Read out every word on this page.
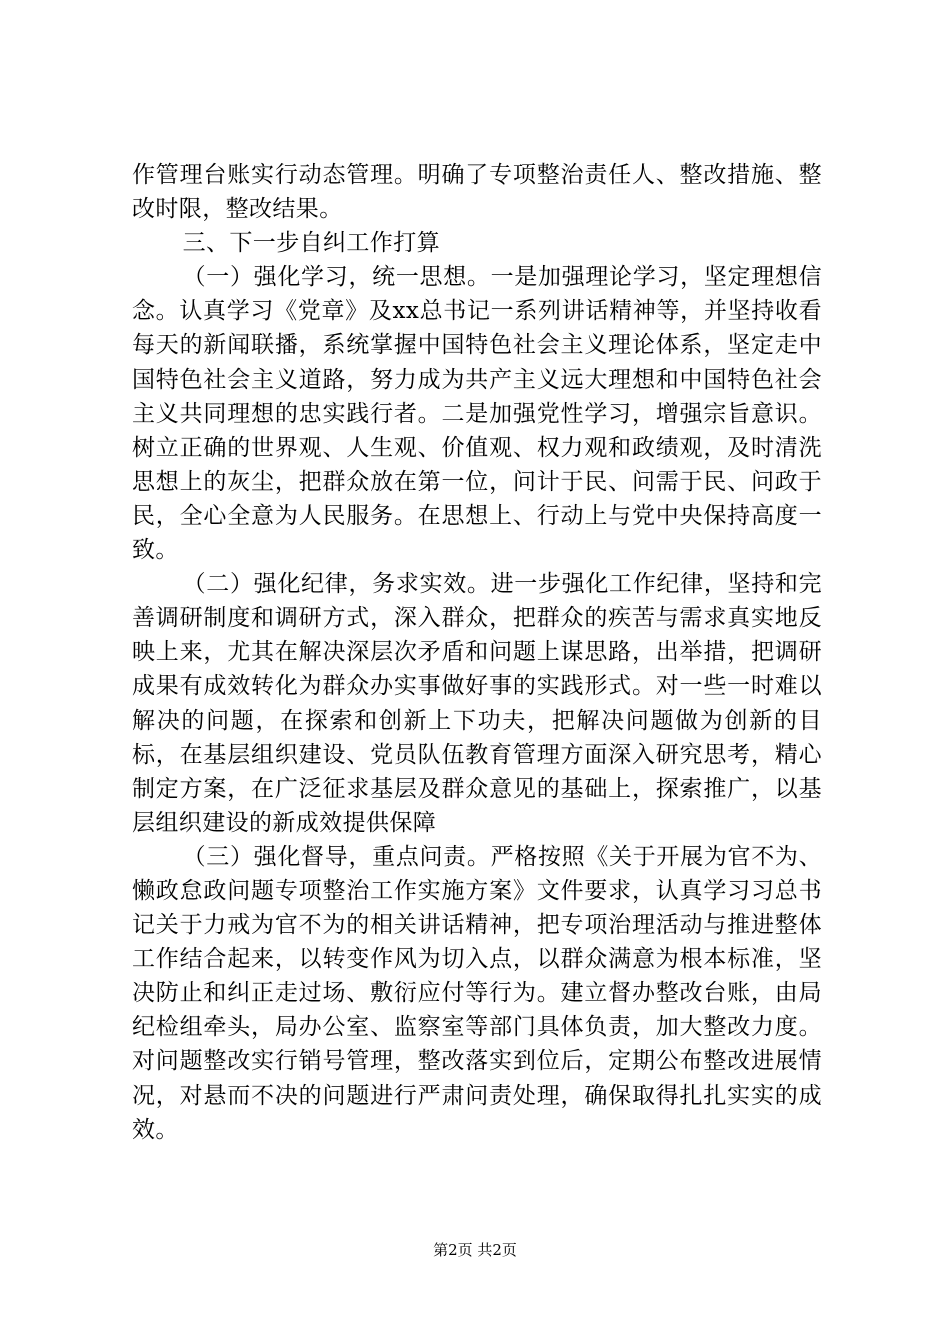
作管理台账实行动态管理。明确了专项整治责任人、整改措施、整改时限，整改结果。

三、下一步自纠工作打算

（一）强化学习，统一思想。一是加强理论学习，坚定理想信念。认真学习《党章》及xx总书记一系列讲话精神等，并坚持收看每天的新闻联播，系统掌握中国特色社会主义理论体系，坚定走中国特色社会主义道路，努力成为共产主义远大理想和中国特色社会主义共同理想的忠实践行者。二是加强党性学习，增强宗旨意识。树立正确的世界观、人生观、价值观、权力观和政绩观，及时清洗思想上的灰尘，把群众放在第一位，问计于民、问需于民、问政于民，全心全意为人民服务。在思想上、行动上与党中央保持高度一致。

（二）强化纪律，务求实效。进一步强化工作纪律，坚持和完善调研制度和调研方式，深入群众，把群众的疾苦与需求真实地反映上来，尤其在解决深层次矛盾和问题上谋思路，出举措，把调研成果有成效转化为群众办实事做好事的实践形式。对一些一时难以解决的问题，在探索和创新上下功夫，把解决问题做为创新的目标，在基层组织建设、党员队伍教育管理方面深入研究思考，精心制定方案，在广泛征求基层及群众意见的基础上，探索推广，以基层组织建设的新成效提供保障

（三）强化督导，重点问责。严格按照《关于开展为官不为、懒政怠政问题专项整治工作实施方案》文件要求，认真学习习总书记关于力戒为官不为的相关讲话精神，把专项治理活动与推进整体工作结合起来，以转变作风为切入点，以群众满意为根本标准，坚决防止和纠正走过场、敷衍应付等行为。建立督办整改台账，由局纪检组牵头，局办公室、监察室等部门具体负责，加大整改力度。对问题整改实行销号管理，整改落实到位后，定期公布整改进展情况，对悬而不决的问题进行严肃问责处理，确保取得扎扎实实的成效。

第2页 共2页
